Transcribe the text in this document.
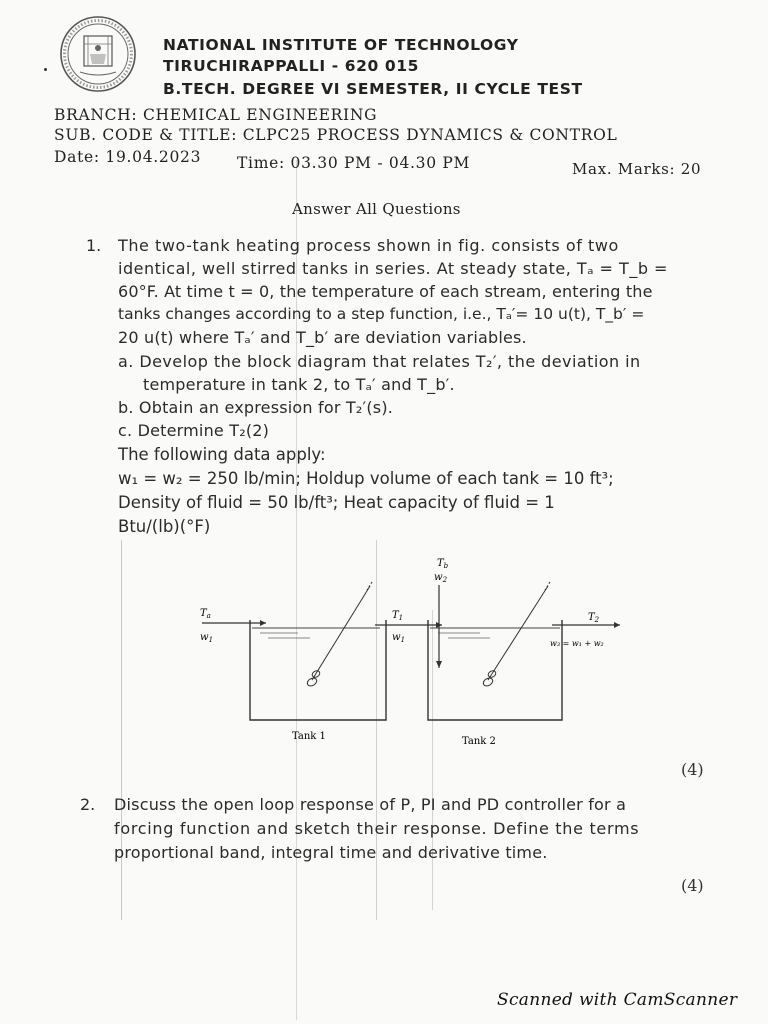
NATIONAL INSTITUTE OF TECHNOLOGY
TIRUCHIRAPPALLI - 620 015
B.TECH. DEGREE VI SEMESTER, II CYCLE TEST
BRANCH: CHEMICAL ENGINEERING
SUB. CODE & TITLE: CLPC25 PROCESS DYNAMICS & CONTROL
Date: 19.04.2023 Time: 03.30 PM - 04.30 PM	Max. Marks: 20
Answer All Questions
1. The two-tank heating process shown in fig. consists of two
identical, well stirred tanks in series. At steady state, Tₐ = T_b =
60°F. At time t = 0, the temperature of each stream, entering the
tanks changes according to a step function, i.e., Tₐ′= 10 u(t), T_b′ =
20 u(t) where Tₐ′ and T_b′ are deviation variables.
a. Develop the block diagram that relates T₂′, the deviation in
temperature in tank 2, to Tₐ′ and T_b′.
b. Obtain an expression for T₂′(s).
c. Determine T₂(2)
The following data apply:
w₁ = w₂ = 250 lb/min; Holdup volume of each tank = 10 ft³;
Density of fluid = 50 lb/ft³; Heat capacity of fluid = 1
Btu/(lb)(°F)
$T_a$
$w_1$
$T_1$
$w_1$
$T_b$
$w_2$
$T_2$
w₃ = w₁ + w₂
Tank 1	Tank 2
(4)
2. Discuss the open loop response of P, PI and PD controller for a
forcing function and sketch their response. Define the terms
proportional band, integral time and derivative time.
(4)
Scanned with CamScanner
